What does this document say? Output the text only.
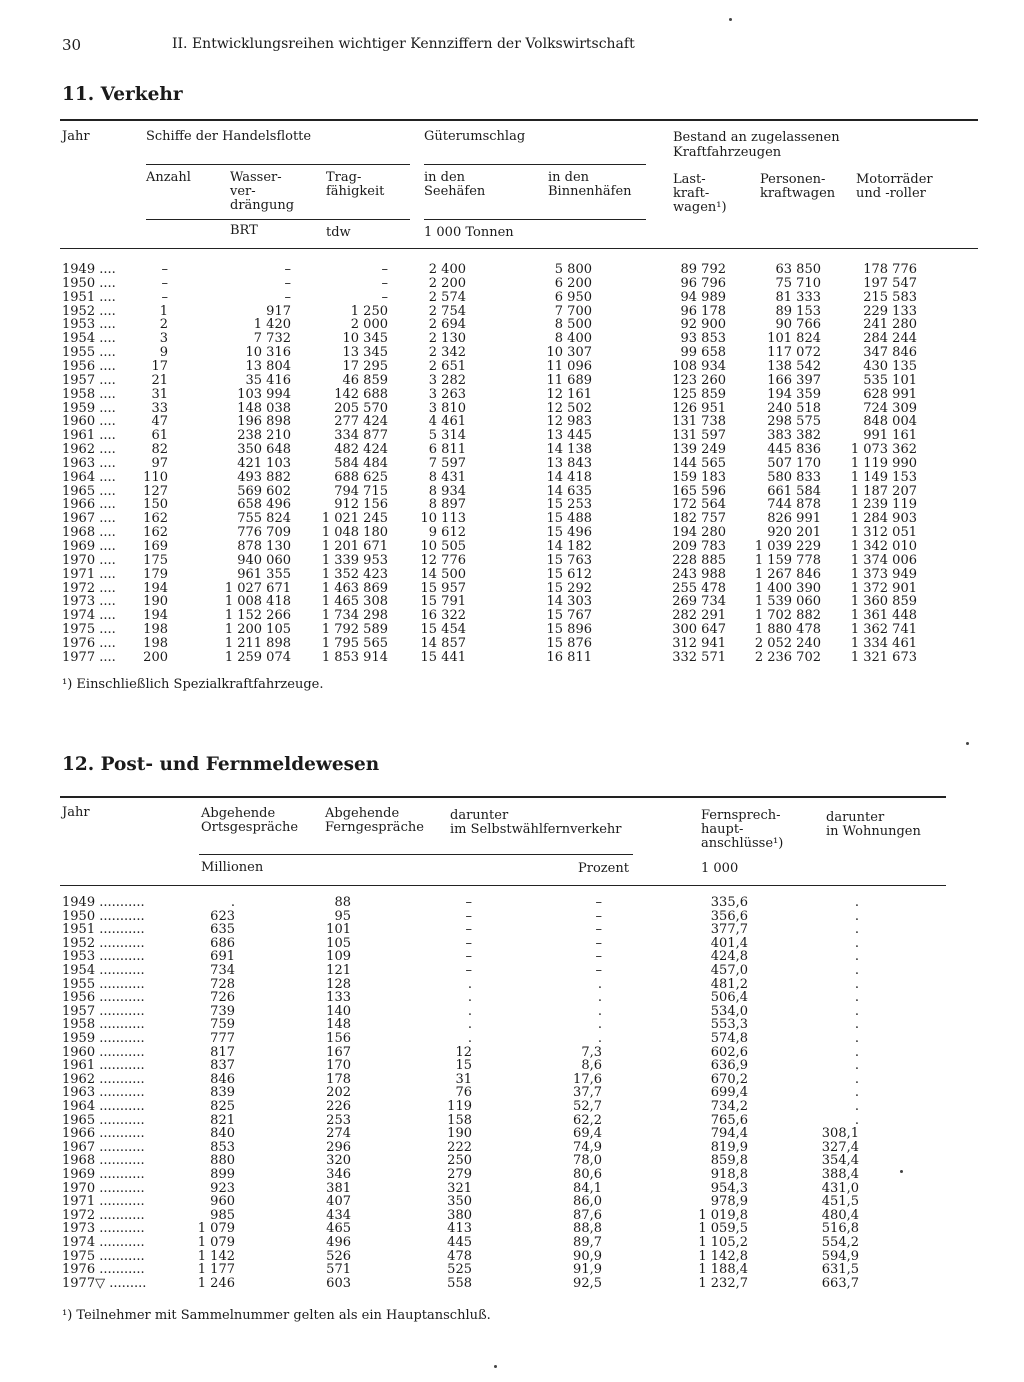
30	II. Entwicklungsreihen wichtiger Kennziffern der Volkswirtschaft
11. Verkehr
Jahr	Schiffe der Handelsflotte	Güterumschlag	Bestand an zugelassenen
Kraftfahrzeugen
Anzahl	Wasser-
ver-
drängung
Trag-
fähigkeit
in den
Seehäfen
in den
Binnenhäfen
Last-
kraft-
wagen¹)
Personen-
kraftwagen
Motorräder
und -roller
BRT	tdw	1 000 Tonnen
1949 ....	–	–	–	2 400	5 800	89 792	63 850	178 776
1950 ....	–	–	–	2 200	6 200	96 796	75 710	197 547
1951 ....	–	–	–	2 574	6 950	94 989	81 333	215 583
1952 ....	1	917	1 250	2 754	7 700	96 178	89 153	229 133
1953 ....	2	1 420	2 000	2 694	8 500	92 900	90 766	241 280
1954 ....	3	7 732	10 345	2 130	8 400	93 853	101 824	284 244
1955 ....	9	10 316	13 345	2 342	10 307	99 658	117 072	347 846
1956 ....	17	13 804	17 295	2 651	11 096	108 934	138 542	430 135
1957 ....	21	35 416	46 859	3 282	11 689	123 260	166 397	535 101
1958 ....	31	103 994	142 688	3 263	12 161	125 859	194 359	628 991
1959 ....	33	148 038	205 570	3 810	12 502	126 951	240 518	724 309
1960 ....	47	196 898	277 424	4 461	12 983	131 738	298 575	848 004
1961 ....	61	238 210	334 877	5 314	13 445	131 597	383 382	991 161
1962 ....	82	350 648	482 424	6 811	14 138	139 249	445 836	1 073 362
1963 ....	97	421 103	584 484	7 597	13 843	144 565	507 170	1 119 990
1964 ....	110	493 882	688 625	8 431	14 418	159 183	580 833	1 149 153
1965 ....	127	569 602	794 715	8 934	14 635	165 596	661 584	1 187 207
1966 ....	150	658 496	912 156	8 897	15 253	172 564	744 878	1 239 119
1967 ....	162	755 824	1 021 245	10 113	15 488	182 757	826 991	1 284 903
1968 ....	162	776 709	1 048 180	9 612	15 496	194 280	920 201	1 312 051
1969 ....	169	878 130	1 201 671	10 505	14 182	209 783	1 039 229	1 342 010
1970 ....	175	940 060	1 339 953	12 776	15 763	228 885	1 159 778	1 374 006
1971 ....	179	961 355	1 352 423	14 500	15 612	243 988	1 267 846	1 373 949
1972 ....	194	1 027 671	1 463 869	15 957	15 292	255 478	1 400 390	1 372 901
1973 ....	190	1 008 418	1 465 308	15 791	14 303	269 734	1 539 060	1 360 859
1974 ....	194	1 152 266	1 734 298	16 322	15 767	282 291	1 702 882	1 361 448
1975 ....	198	1 200 105	1 792 589	15 454	15 896	300 647	1 880 478	1 362 741
1976 ....	198	1 211 898	1 795 565	14 857	15 876	312 941	2 052 240	1 334 461
1977 ....	200	1 259 074	1 853 914	15 441	16 811	332 571	2 236 702	1 321 673
¹) Einschließlich Spezialkraftfahrzeuge.
12. Post- und Fernmeldewesen
Jahr	Abgehende
Ortsgespräche
Abgehende
Ferngespräche
darunter
im Selbstwählfernverkehr
Fernsprech-
haupt-
anschlüsse¹)
darunter
in Wohnungen
Millionen	Prozent	1 000
1949 ...........	.	88	–	–	335,6	.
1950 ...........	623	95	–	–	356,6	.
1951 ...........	635	101	–	–	377,7	.
1952 ...........	686	105	–	–	401,4	.
1953 ...........	691	109	–	–	424,8	.
1954 ...........	734	121	–	–	457,0	.
1955 ...........	728	128	.	.	481,2	.
1956 ...........	726	133	.	.	506,4	.
1957 ...........	739	140	.	.	534,0	.
1958 ...........	759	148	.	.	553,3	.
1959 ...........	777	156	.	.	574,8	.
1960 ...........	817	167	12	7,3	602,6	.
1961 ...........	837	170	15	8,6	636,9	.
1962 ...........	846	178	31	17,6	670,2	.
1963 ...........	839	202	76	37,7	699,4	.
1964 ...........	825	226	119	52,7	734,2	.
1965 ...........	821	253	158	62,2	765,6	.
1966 ...........	840	274	190	69,4	794,4	308,1
1967 ...........	853	296	222	74,9	819,9	327,4
1968 ...........	880	320	250	78,0	859,8	354,4
1969 ...........	899	346	279	80,6	918,8	388,4
1970 ...........	923	381	321	84,1	954,3	431,0
1971 ...........	960	407	350	86,0	978,9	451,5
1972 ...........	985	434	380	87,6	1 019,8	480,4
1973 ...........	1 079	465	413	88,8	1 059,5	516,8
1974 ...........	1 079	496	445	89,7	1 105,2	554,2
1975 ...........	1 142	526	478	90,9	1 142,8	594,9
1976 ...........	1 177	571	525	91,9	1 188,4	631,5
1977▽ .........	1 246	603	558	92,5	1 232,7	663,7
¹) Teilnehmer mit Sammelnummer gelten als ein Hauptanschluß.
